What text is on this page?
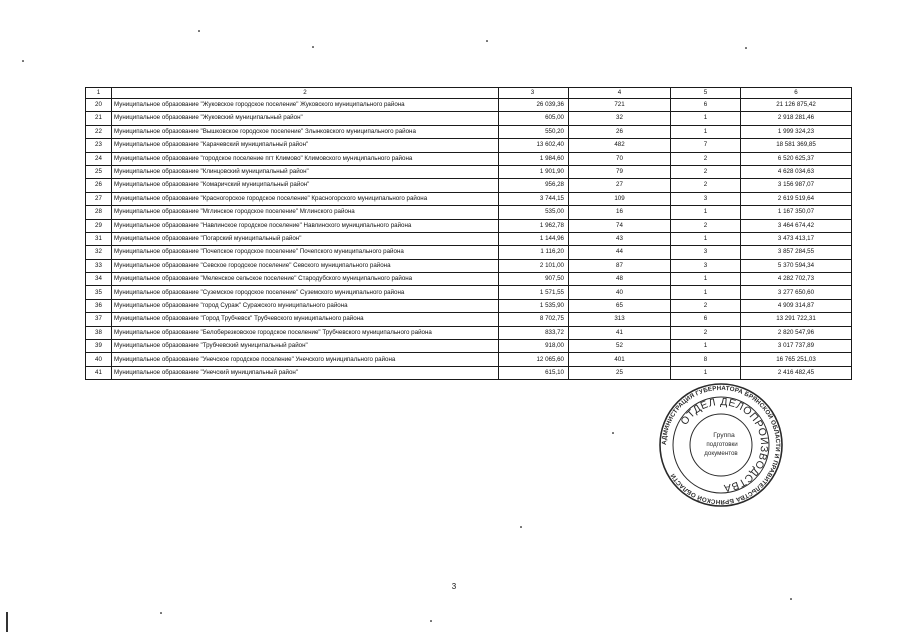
1	2	3	4	5	6
20	Муниципальное образование "Жуковское городское поселение" Жуковского муниципального района	26 039,36	721	6	21 126 875,42
21	Муниципальное образование "Жуковский муниципальный район"	605,00	32	1	2 918 281,46
22	Муниципальное образование "Вышковское городское поселение" Злынковского муниципального района	550,20	26	1	1 999 324,23
23	Муниципальное образование "Карачевский муниципальный район"	13 602,40	482	7	18 581 369,85
24	Муниципальное образование "городское поселение пгт Климово" Климовского муниципального района	1 984,60	70	2	6 520 625,37
25	Муниципальное образование "Клинцовский муниципальный район"	1 901,90	79	2	4 628 034,63
26	Муниципальное образование "Комаричский муниципальный район"	956,28	27	2	3 156 987,07
27	Муниципальное образование "Красногорское городское поселение" Красногорского муниципального района	3 744,15	109	3	2 619 519,64
28	Муниципальное образование "Мглинское городское поселение" Мглинского района	535,00	16	1	1 167 350,07
29	Муниципальное образование "Навлинское городское поселение" Навлинского муниципального района	1 962,78	74	2	3 464 674,42
31	Муниципальное образование "Погарский муниципальный район"	1 144,96	43	1	3 473 413,17
32	Муниципальное образование "Почепское городское поселение" Почепского муниципального района	1 116,20	44	3	3 857 284,55
33	Муниципальное образование "Севское городское поселение" Севского муниципального района	2 101,00	87	3	5 370 594,34
34	Муниципальное образование "Меленское сельское поселение" Стародубского муниципального района	907,50	48	1	4 282 702,73
35	Муниципальное образование "Суземское городское поселение" Суземского муниципального района	1 571,55	40	1	3 277 650,60
36	Муниципальное образование "город Сураж" Суражского муниципального района	1 535,90	65	2	4 909 314,87
37	Муниципальное образование "Город Трубчевск" Трубчевского муниципального района	8 702,75	313	6	13 291 722,31
38	Муниципальное образование "Белоберезковское городское поселение" Трубчевского муниципального района	833,72	41	2	2 820 547,96
39	Муниципальное образование "Трубчевский муниципальный район"	918,00	52	1	3 017 737,89
40	Муниципальное образование "Унечское городское поселение" Унечского муниципального района	12 065,60	401	8	16 765 251,03
41	Муниципальное образование "Унечский муниципальный район"	615,10	25	1	2 416 482,45
АДМИНИСТРАЦИЯ ГУБЕРНАТОРА БРЯНСКОЙ ОБЛАСТИ И ПРАВИТЕЛЬСТВА БРЯНСКОЙ ОБЛАСТИ
ОТДЕЛ ДЕЛОПРОИЗВОДСТВА
Группа
подготовки
документов
3
